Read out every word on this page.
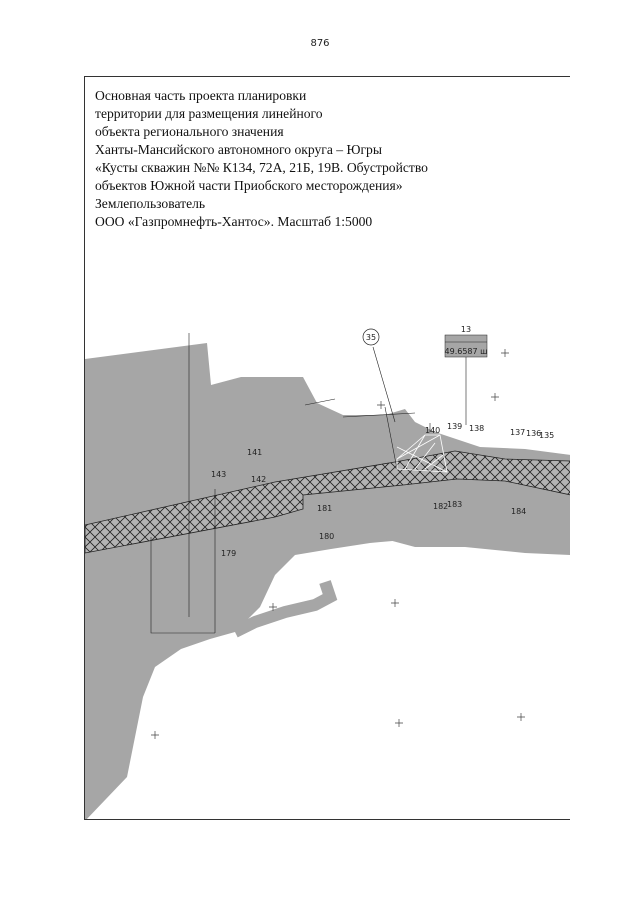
876
Основная часть проекта планировки
территории для размещения линейного
объекта регионального значения
Ханты-Мансийского автономного округа – Югры
«Кусты скважин №№ К134, 72А, 21Б, 19В. Обустройство
объектов Южной части Приобского месторождения»
Землепользователь
ООО «Газпромнефть-Хантос». Масштаб 1:5000
35
13
49.6587 ш
140 139 138	137 136
135
141
143
142
181	182
183
184
180
179
